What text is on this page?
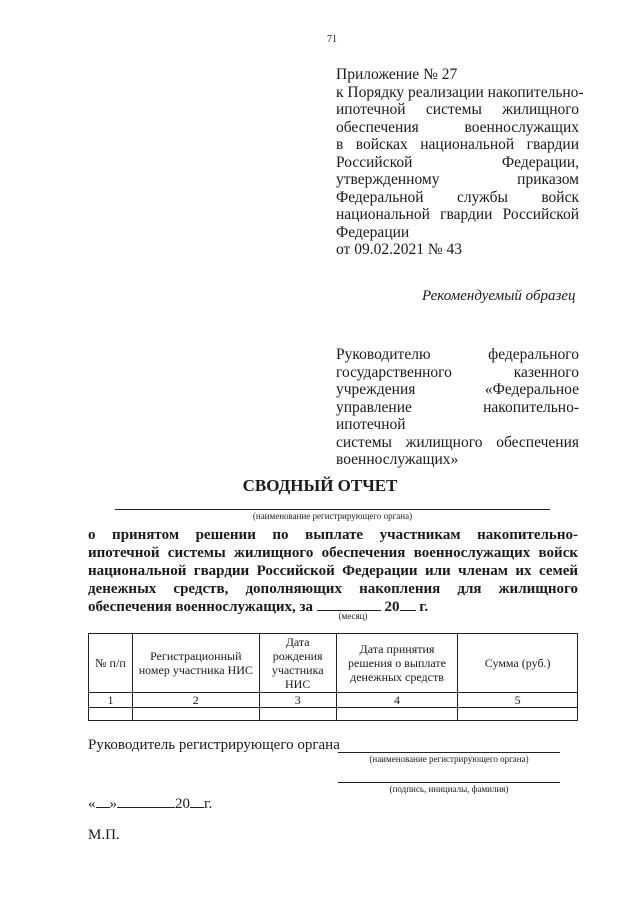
71
Приложение № 27
к Порядку реализации накопительно-
ипотечной системы жилищного
обеспечения военнослужащих
в войсках национальной гвардии
Российской Федерации,
утвержденному приказом
Федеральной службы войск
национальной гвардии Российской
Федерации
от 09.02.2021 № 43
Рекомендуемый образец
Руководителю федерального
государственного казенного
учреждения «Федеральное
управление накопительно-ипотечной
системы жилищного обеспечения
военнослужащих»
СВОДНЫЙ ОТЧЕТ
(наименование регистрирующего органа)
о принятом решении по выплате участникам накопительно-
ипотечной системы жилищного обеспечения военнослужащих войск
национальной гвардии Российской Федерации или членам их семей
денежных средств, дополняющих накопления для жилищного
обеспечения военнослужащих, за	20 г.
(месяц)
№ п/п	Регистрационный номер участника НИС	Дата рождения участника НИС	Дата принятия решения о выплате денежных средств	Сумма (руб.)
1	2	3	4	5

Руководитель регистрирующего органа
(наименование регистрирующего органа)
(подпись, инициалы, фамилия)
« »	20 г.
М.П.
